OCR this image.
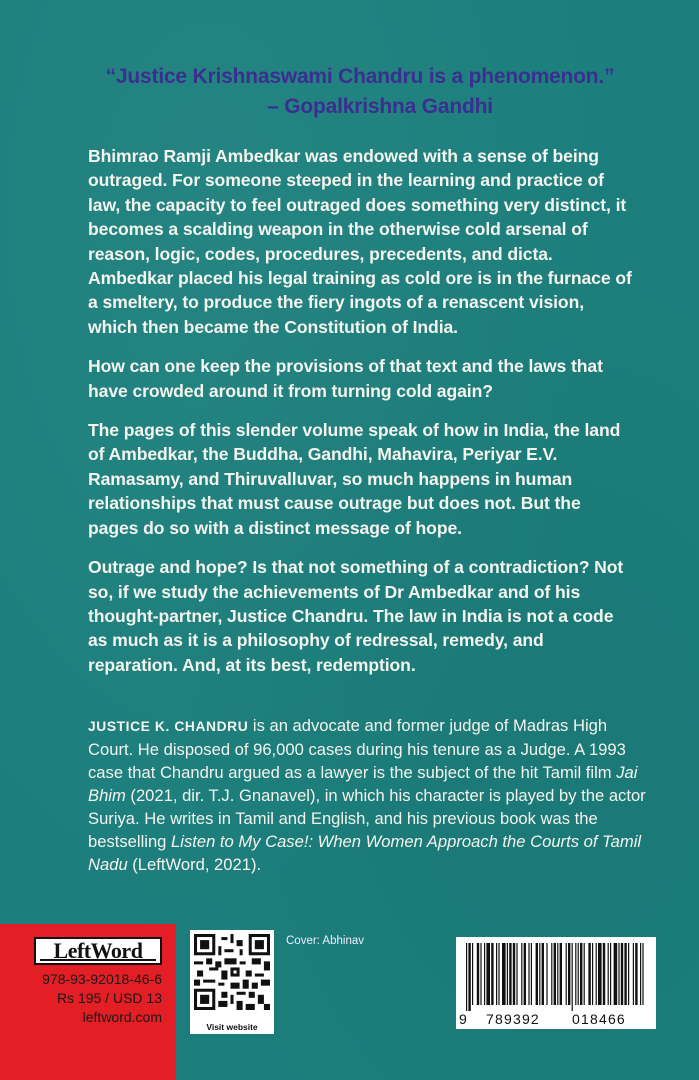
“Justice Krishnaswami Chandru is a phenomenon.”
– Gopalkrishna Gandhi

Bhimrao Ramji Ambedkar was endowed with a sense of being outraged. For someone steeped in the learning and practice of law, the capacity to feel outraged does something very distinct, it becomes a scalding weapon in the otherwise cold arsenal of reason, logic, codes, procedures, precedents, and dicta. Ambedkar placed his legal training as cold ore is in the furnace of a smeltery, to produce the fiery ingots of a renascent vision, which then became the Constitution of India.

How can one keep the provisions of that text and the laws that have crowded around it from turning cold again?

The pages of this slender volume speak of how in India, the land of Ambedkar, the Buddha, Gandhi, Mahavira, Periyar E.V. Ramasamy, and Thiruvalluvar, so much happens in human relationships that must cause outrage but does not. But the pages do so with a distinct message of hope.

Outrage and hope? Is that not something of a contradiction? Not so, if we study the achievements of Dr Ambedkar and of his thought-partner, Justice Chandru. The law in India is not a code as much as it is a philosophy of redressal, remedy, and reparation. And, at its best, redemption.

JUSTICE K. CHANDRU is an advocate and former judge of Madras High Court. He disposed of 96,000 cases during his tenure as a Judge. A 1993 case that Chandru argued as a lawyer is the subject of the hit Tamil film Jai Bhim (2021, dir. T.J. Gnanavel), in which his character is played by the actor Suriya. He writes in Tamil and English, and his previous book was the bestselling Listen to My Case!: When Women Approach the Courts of Tamil Nadu (LeftWord, 2021).
LeftWord
978-93-92018-46-6
Rs 195 / USD 13
leftword.com
Visit website
Cover: Abhinav
9 789392 018466
